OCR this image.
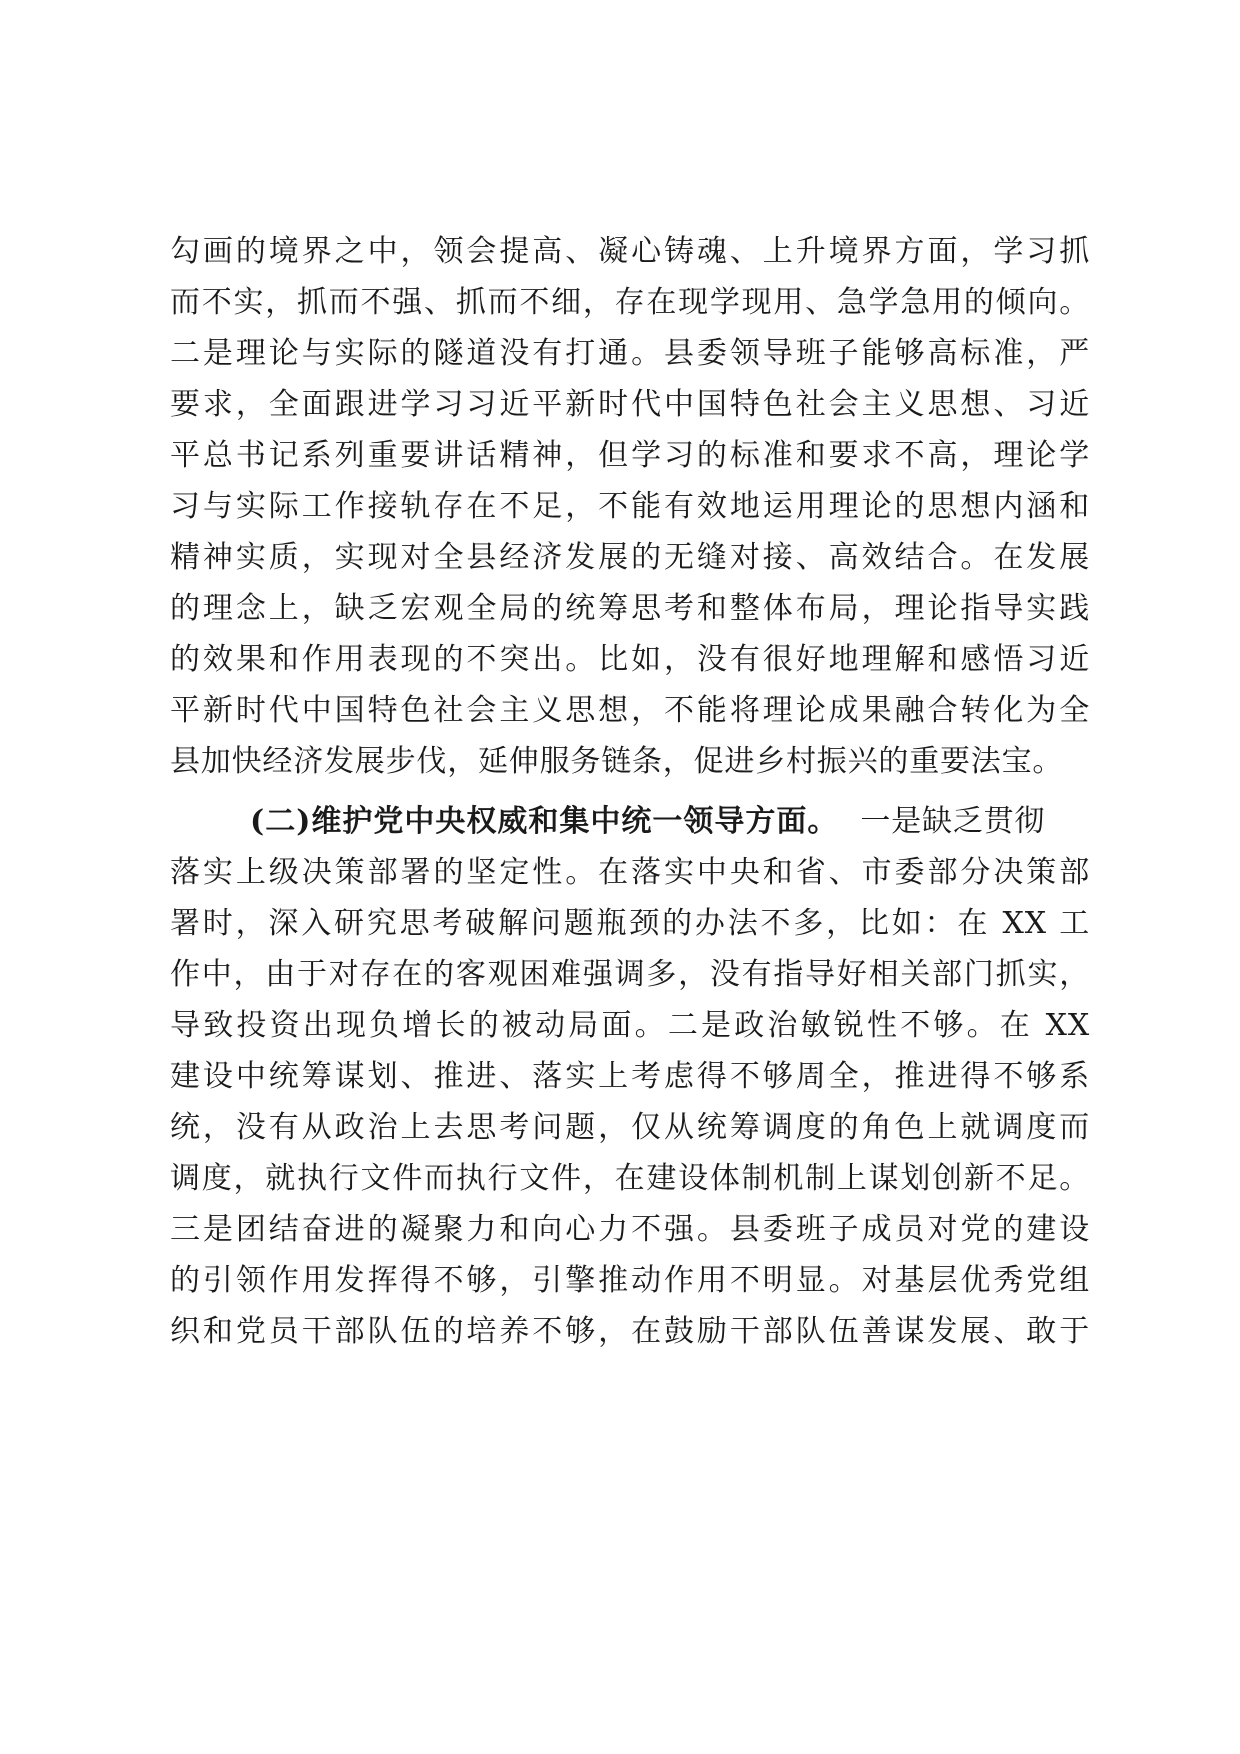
勾画的境界之中，领会提高、凝心铸魂、上升境界方面，学习抓
而不实，抓而不强、抓而不细，存在现学现用、急学急用的倾向。
二是理论与实际的隧道没有打通。县委领导班子能够高标准，严
要求，全面跟进学习习近平新时代中国特色社会主义思想、习近
平总书记系列重要讲话精神，但学习的标准和要求不高，理论学
习与实际工作接轨存在不足，不能有效地运用理论的思想内涵和
精神实质，实现对全县经济发展的无缝对接、高效结合。在发展
的理念上，缺乏宏观全局的统筹思考和整体布局，理论指导实践
的效果和作用表现的不突出。比如，没有很好地理解和感悟习近
平新时代中国特色社会主义思想，不能将理论成果融合转化为全
县加快经济发展步伐，延伸服务链条，促进乡村振兴的重要法宝。
(二)维护党中央权威和集中统一领导方面。 一是缺乏贯彻
落实上级决策部署的坚定性。在落实中央和省、市委部分决策部
署时，深入研究思考破解问题瓶颈的办法不多，比如：在 XX 工
作中，由于对存在的客观困难强调多，没有指导好相关部门抓实，
导致投资出现负增长的被动局面。二是政治敏锐性不够。在 XX
建设中统筹谋划、推进、落实上考虑得不够周全，推进得不够系
统，没有从政治上去思考问题，仅从统筹调度的角色上就调度而
调度，就执行文件而执行文件，在建设体制机制上谋划创新不足。
三是团结奋进的凝聚力和向心力不强。县委班子成员对党的建设
的引领作用发挥得不够，引擎推动作用不明显。对基层优秀党组
织和党员干部队伍的培养不够，在鼓励干部队伍善谋发展、敢于
